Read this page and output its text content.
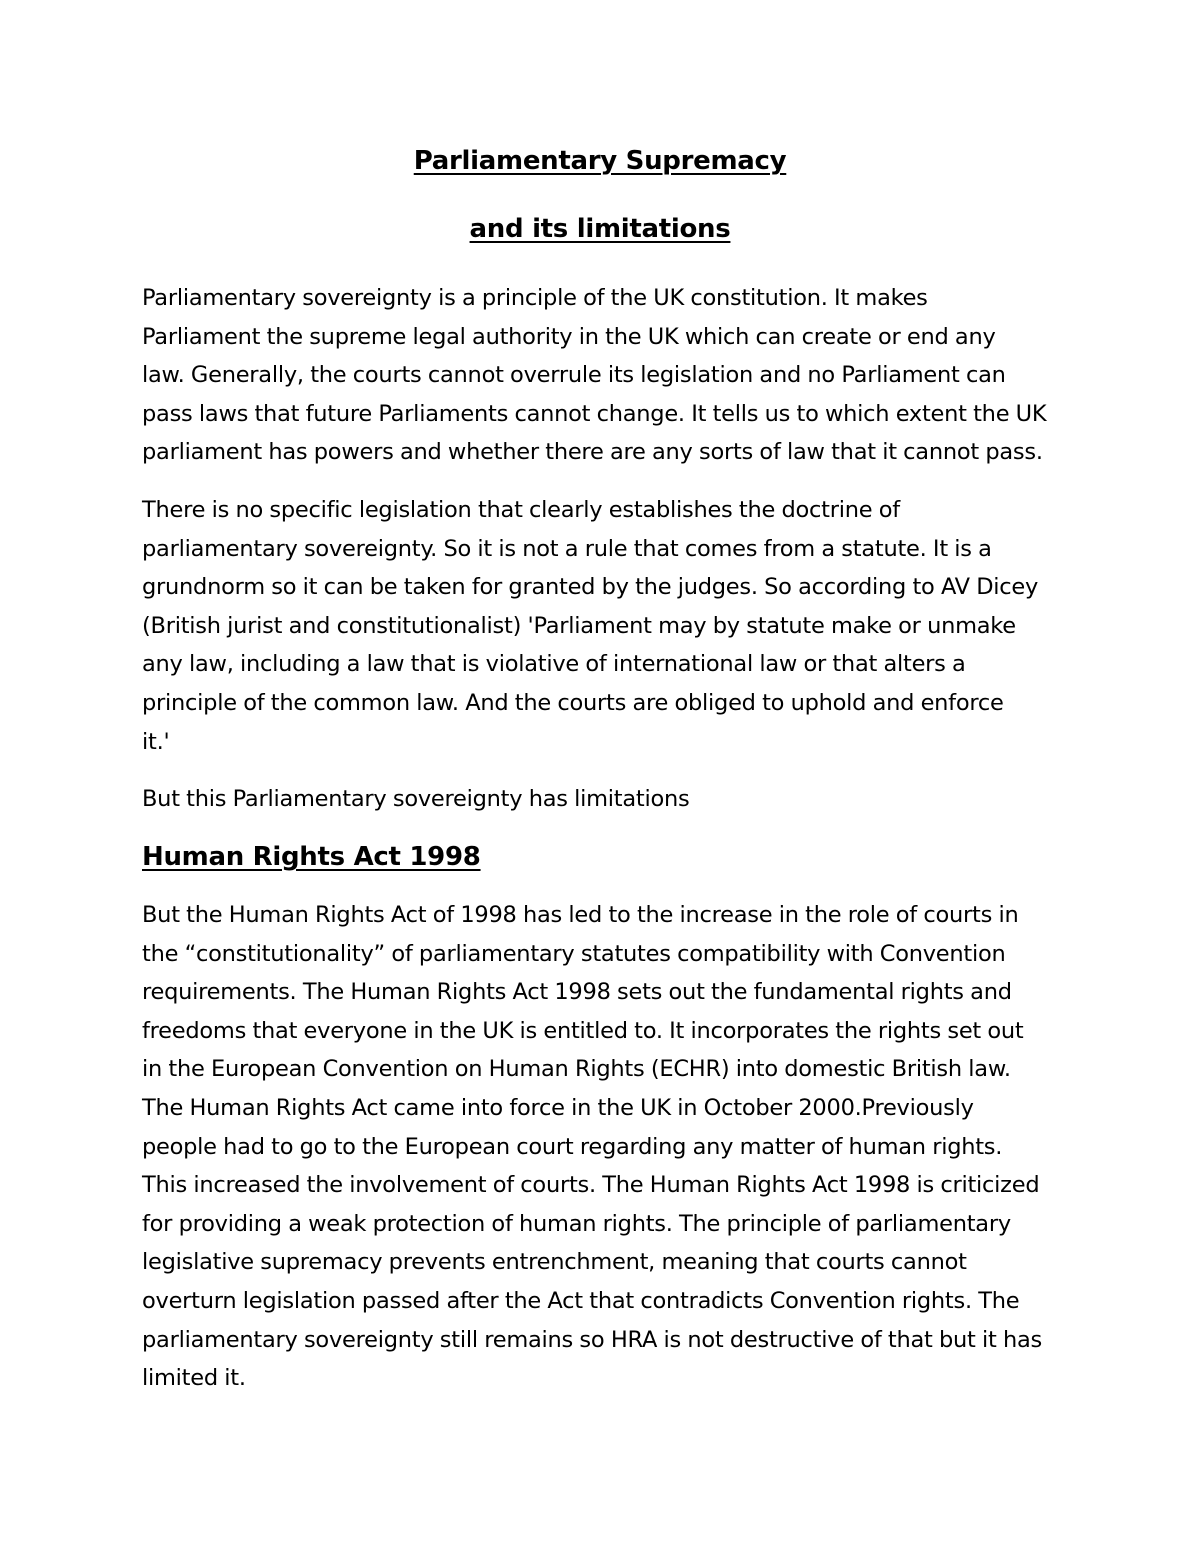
Parliamentary Supremacy
and its limitations

Parliamentary sovereignty is a principle of the UK constitution. It makes
Parliament the supreme legal authority in the UK which can create or end any
law. Generally, the courts cannot overrule its legislation and no Parliament can
pass laws that future Parliaments cannot change. It tells us to which extent the UK
parliament has powers and whether there are any sorts of law that it cannot pass.

There is no specific legislation that clearly establishes the doctrine of
parliamentary sovereignty. So it is not a rule that comes from a statute. It is a
grundnorm so it can be taken for granted by the judges. So according to AV Dicey
(British jurist and constitutionalist) 'Parliament may by statute make or unmake
any law, including a law that is violative of international law or that alters a
principle of the common law. And the courts are obliged to uphold and enforce
it.'

But this Parliamentary sovereignty has limitations

Human Rights Act 1998

But the Human Rights Act of 1998 has led to the increase in the role of courts in
the “constitutionality” of parliamentary statutes compatibility with Convention
requirements. The Human Rights Act 1998 sets out the fundamental rights and
freedoms that everyone in the UK is entitled to. It incorporates the rights set out
in the European Convention on Human Rights (ECHR) into domestic British law.
The Human Rights Act came into force in the UK in October 2000.Previously
people had to go to the European court regarding any matter of human rights.
This increased the involvement of courts. The Human Rights Act 1998 is criticized
for providing a weak protection of human rights. The principle of parliamentary
legislative supremacy prevents entrenchment, meaning that courts cannot
overturn legislation passed after the Act that contradicts Convention rights. The
parliamentary sovereignty still remains so HRA is not destructive of that but it has
limited it.
